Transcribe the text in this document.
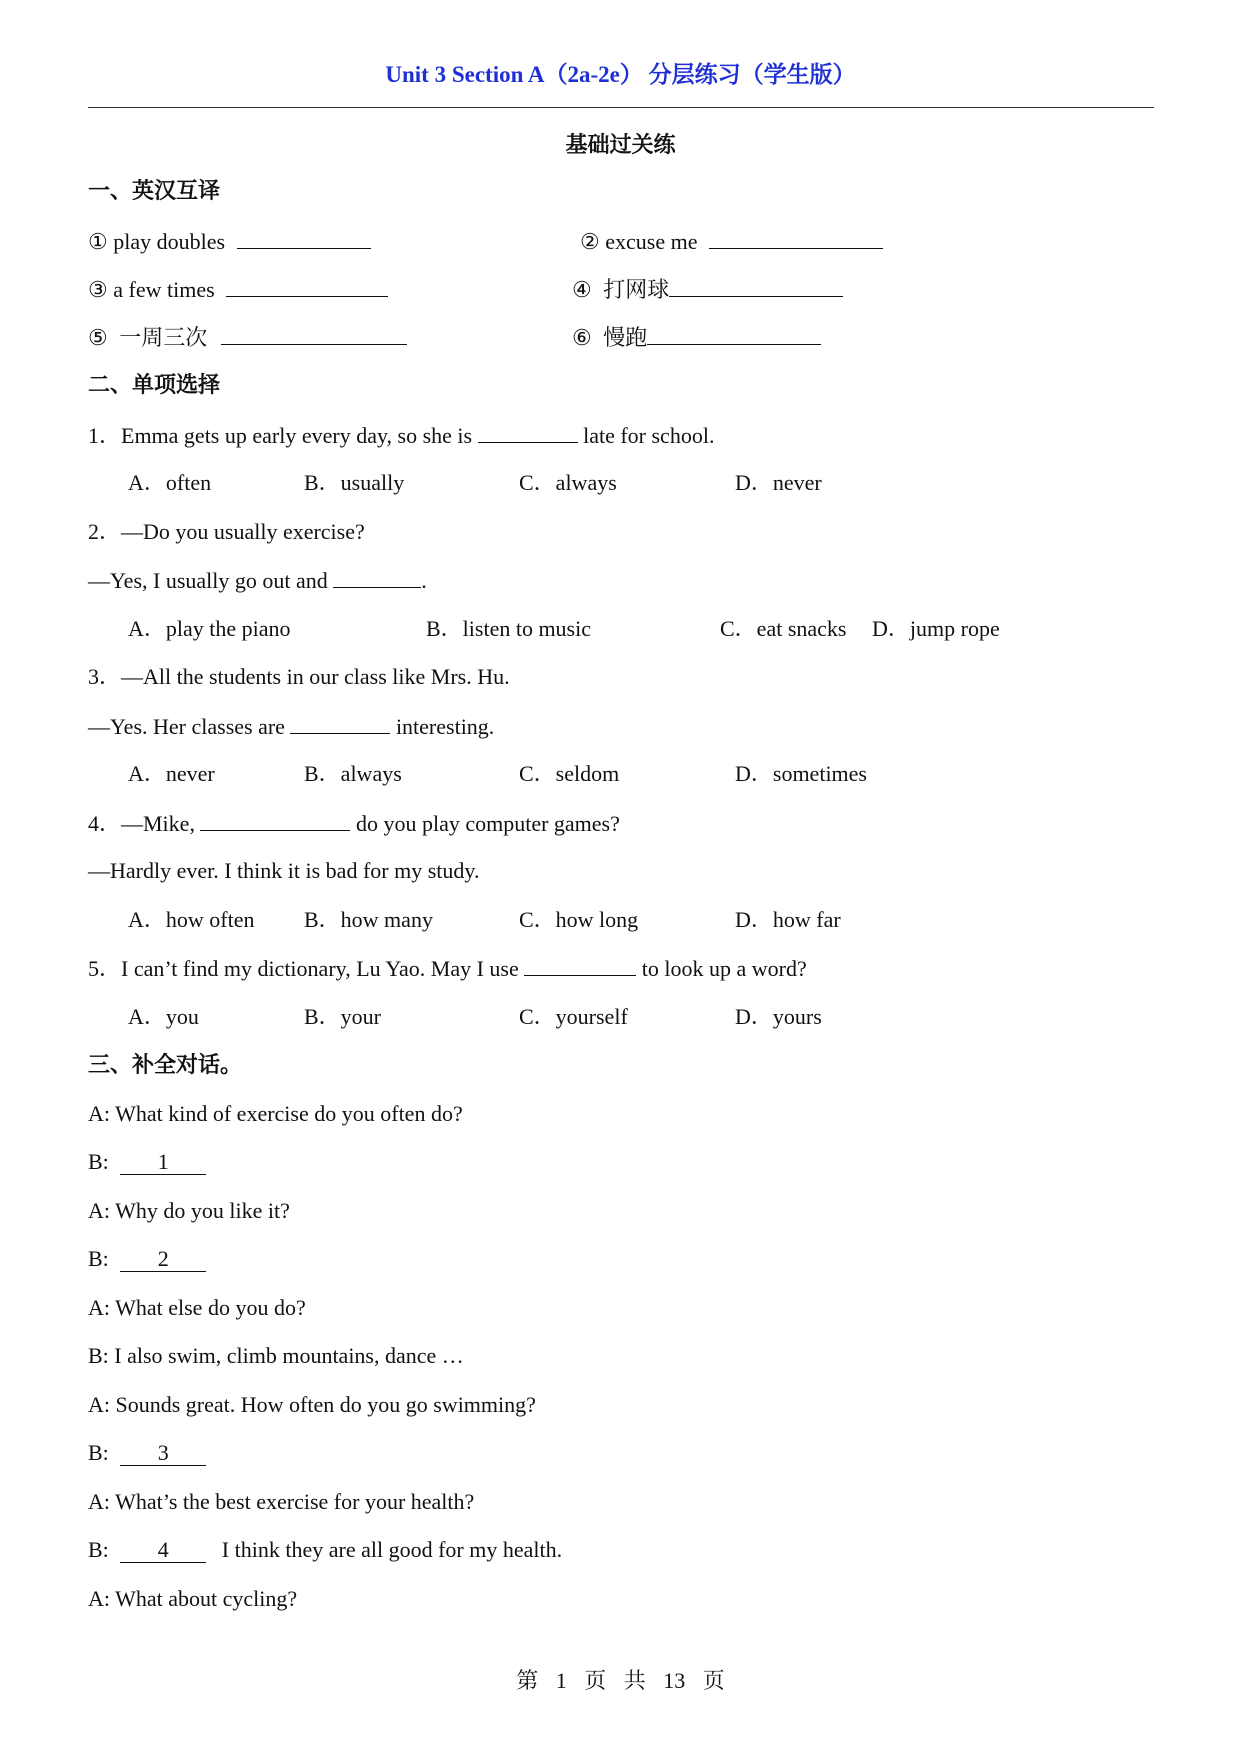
Unit 3 Section A（2a-2e） 分层练习（学生版）
基础过关练
一、英汉互译
① play doubles	② excuse me
③ a few times	④ 打网球
⑤ 一周三次	⑥ 慢跑
二、单项选择
1．Emma gets up early every day, so she is	late for school.
A．often	B．usually	C．always	D．never
2．—Do you usually exercise?
—Yes, I usually go out and	.
A．play the piano	B．listen to music	C．eat snacks D．jump rope
3．—All the students in our class like Mrs. Hu.
—Yes. Her classes are	interesting.
A．never	B．always	C．seldom	D．sometimes
4．—Mike,	do you play computer games?
—Hardly ever. I think it is bad for my study.
A．how often B．how many	C．how long	D．how far
5．I can’t find my dictionary, Lu Yao. May I use	to look up a word?
A．you	B．your	C．yourself	D．yours
三、补全对话。
A: What kind of exercise do you often do?
B: 1
A: Why do you like it?
B: 2
A: What else do you do?
B: I also swim, climb mountains, dance …
A: Sounds great. How often do you go swimming?
B: 3
A: What’s the best exercise for your health?
B: 4 I think they are all good for my health.
A: What about cycling?
第 1 页 共 13 页
